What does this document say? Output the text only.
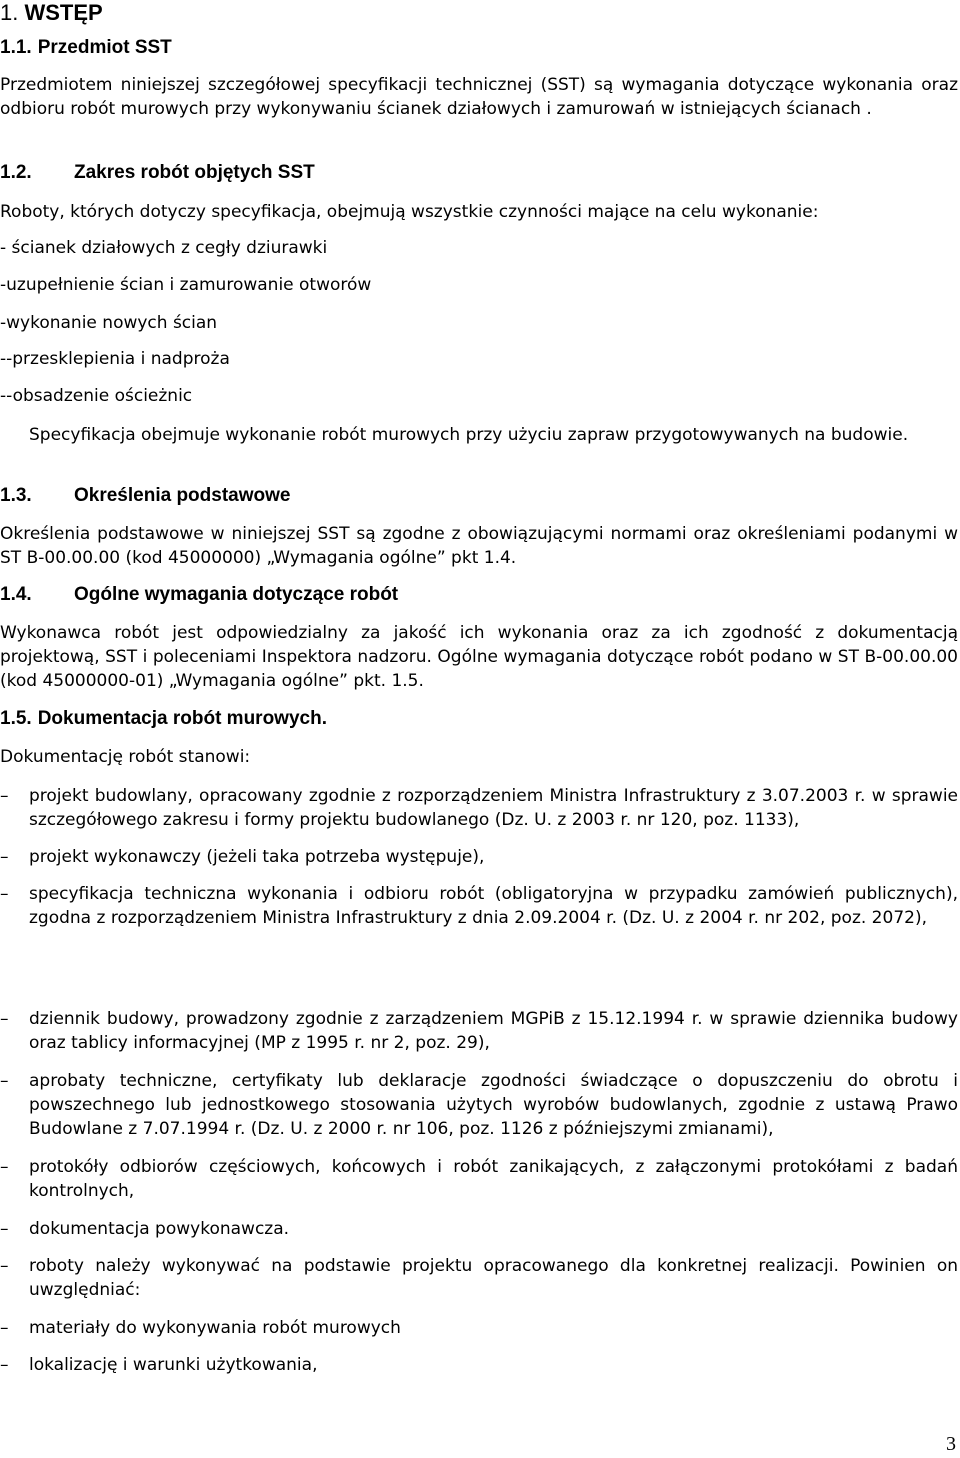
1. WSTĘP
1.1. Przedmiot SST

Przedmiotem niniejszej szczegółowej specyfikacji technicznej (SST) są wymagania dotyczące wykonania oraz odbioru robót murowych przy wykonywaniu ścianek działowych i zamurowań w istniejących ścianach .

1.2. Zakres robót objętych SST

Roboty, których dotyczy specyfikacja, obejmują wszystkie czynności mające na celu wykonanie:

- ścianek działowych z cegły dziurawki

-uzupełnienie ścian i zamurowanie otworów

-wykonanie nowych ścian

--przesklepienia i nadproża

--obsadzenie ościeżnic

Specyfikacja obejmuje wykonanie robót murowych przy użyciu zapraw przygotowywanych na budowie.

1.3. Określenia podstawowe

Określenia podstawowe w niniejszej SST są zgodne z obowiązującymi normami oraz określeniami podanymi w ST B-00.00.00 (kod 45000000) „Wymagania ogólne” pkt 1.4.

1.4. Ogólne wymagania dotyczące robót

Wykonawca robót jest odpowiedzialny za jakość ich wykonania oraz za ich zgodność z dokumentacją projektową, SST i poleceniami Inspektora nadzoru. Ogólne wymagania dotyczące robót podano w ST B-00.00.00 (kod 45000000-01) „Wymagania ogólne” pkt. 1.5.

1.5. Dokumentacja robót murowych.

Dokumentację robót stanowi:

–	projekt budowlany, opracowany zgodnie z rozporządzeniem Ministra Infrastruktury z 3.07.2003 r. w sprawie szczegółowego zakresu i formy projektu budowlanego (Dz. U. z 2003 r. nr 120, poz. 1133),
–	projekt wykonawczy (jeżeli taka potrzeba występuje),
–	specyfikacja techniczna wykonania i odbioru robót (obligatoryjna w przypadku zamówień publicznych), zgodna z rozporządzeniem Ministra Infrastruktury z dnia 2.09.2004 r. (Dz. U. z 2004 r. nr 202, poz. 2072),
–	dziennik budowy, prowadzony zgodnie z zarządzeniem MGPiB z 15.12.1994 r. w sprawie dziennika budowy oraz tablicy informacyjnej (MP z 1995 r. nr 2, poz. 29),
–	aprobaty techniczne, certyfikaty lub deklaracje zgodności świadczące o dopuszczeniu do obrotu i powszechnego lub jednostkowego stosowania użytych wyrobów budowlanych, zgodnie z ustawą Prawo Budowlane z 7.07.1994 r. (Dz. U. z 2000 r. nr 106, poz. 1126 z późniejszymi zmianami),
–	protokóły odbiorów częściowych, końcowych i robót zanikających, z załączonymi protokółami z badań kontrolnych,
–	dokumentacja powykonawcza.
–	roboty należy wykonywać na podstawie projektu opracowanego dla konkretnej realizacji. Powinien on uwzględniać:
–	materiały do wykonywania robót murowych
–	lokalizację i warunki użytkowania,
3
